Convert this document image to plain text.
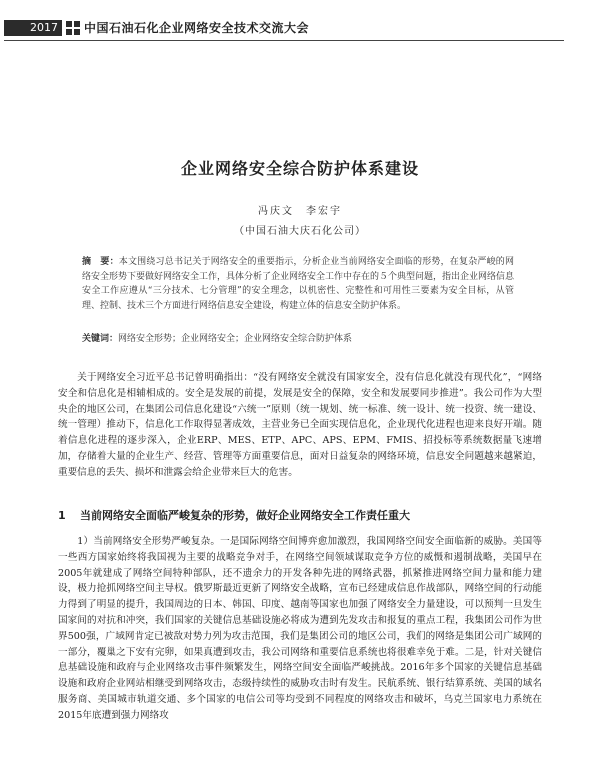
2017	中国石油石化企业网络安全技术交流大会
企业网络安全综合防护体系建设
冯庆文　李宏宇
（中国石油大庆石化公司）
摘　要：本文围绕习总书记关于网络安全的重要指示，分析企业当前网络安全面临的形势，在复杂严峻的网络安全形势下要做好网络安全工作，具体分析了企业网络安全工作中存在的５个典型问题，指出企业网络信息安全工作应遵从“三分技术、七分管理”的安全理念，以机密性、完整性和可用性三要素为安全目标，从管理、控制、技术三个方面进行网络信息安全建设，构建立体的信息安全防护体系。
关键词：网络安全形势；企业网络安全；企业网络安全综合防护体系
关于网络安全习近平总书记曾明确指出：“没有网络安全就没有国家安全，没有信息化就没有现代化”，“网络安全和信息化是相辅相成的。安全是发展的前提，发展是安全的保障，安全和发展要同步推进”。我公司作为大型央企的地区公司，在集团公司信息化建设“六统一”原则（统一规划、统一标准、统一设计、统一投资、统一建设、统一管理）推动下，信息化工作取得显著成效，主营业务已全面实现信息化，企业现代化进程也迎来良好开端。随着信息化进程的逐步深入，企业ERP、MES、ETP、APC、APS、EPM、FMIS、招投标等系统数据量飞速增加，存储着大量的企业生产、经营、管理等方面重要信息，面对日益复杂的网络环境，信息安全问题越来越紧迫，重要信息的丢失、损坏和泄露会给企业带来巨大的危害。
1 当前网络安全面临严峻复杂的形势，做好企业网络安全工作责任重大
1）当前网络安全形势严峻复杂。一是国际网络空间博弈愈加激烈，我国网络空间安全面临新的威胁。美国等一些西方国家始终将我国视为主要的战略竞争对手，在网络空间领域谋取竞争方位的威慑和遏制战略，美国早在2005年就建成了网络空间特种部队，还不遗余力的开发各种先进的网络武器，抓紧推进网络空间力量和能力建设，极力抢抓网络空间主导权。俄罗斯最近更新了网络安全战略，宣布已经建成信息作战部队，网络空间的行动能力得到了明显的提升，我国周边的日本、韩国、印度、越南等国家也加强了网络安全力量建设，可以预判一旦发生国家间的对抗和冲突，我们国家的关键信息基础设施必将成为遭到先发攻击和报复的重点工程，我集团公司作为世界500强，广域网肯定已被敌对势力列为攻击范围，我们是集团公司的地区公司，我们的网络是集团公司广域网的一部分，覆巢之下安有完卵，如果真遭到攻击，我公司网络和重要信息系统也将很难幸免于难。二是，针对关键信息基础设施和政府与企业网络攻击事件频繁发生，网络空间安全面临严峻挑战。2016年多个国家的关键信息基础设施和政府企业网站相继受到网络攻击，态级持续性的威胁攻击时有发生。民航系统、银行结算系统、美国的域名服务商、美国城市轨道交通、多个国家的电信公司等均受到不同程度的网络攻击和破坏，乌克兰国家电力系统在2015年底遭到强力网络攻
